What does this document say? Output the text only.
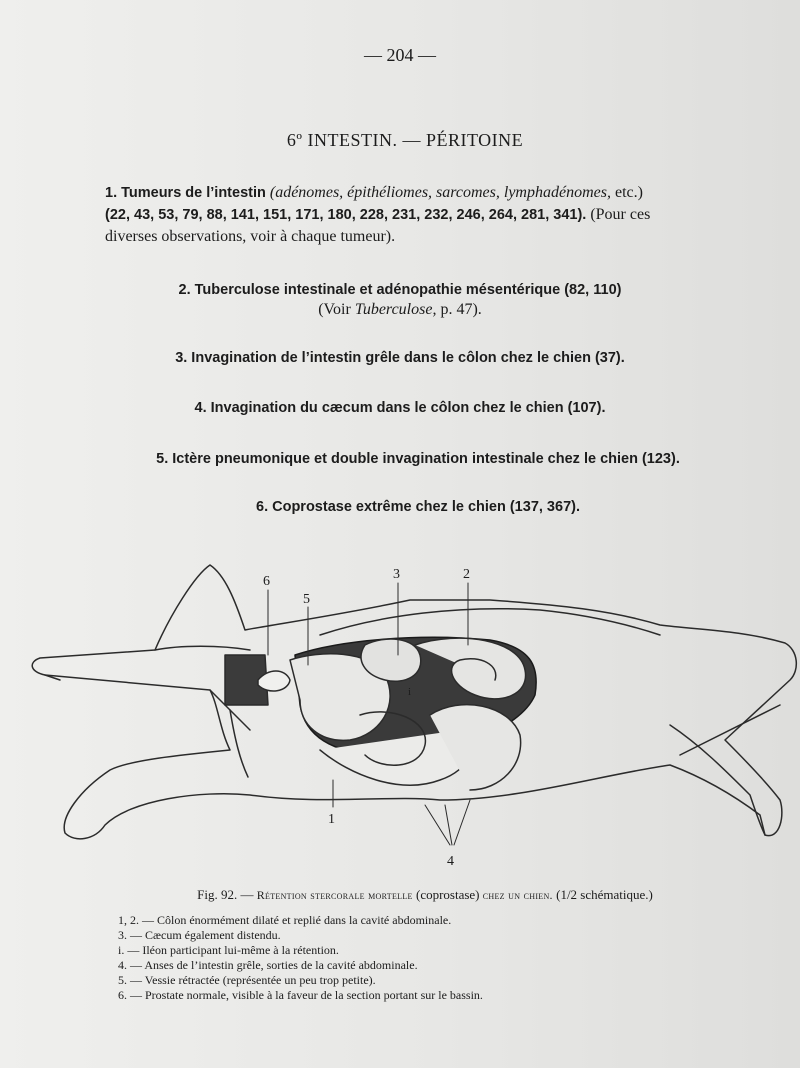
— 204 —
6º INTESTIN. — PÉRITOINE
1. Tumeurs de l’intestin (adénomes, épithéliomes, sarcomes, lymphadénomes, etc.)
(22, 43, 53, 79, 88, 141, 151, 171, 180, 228, 231, 232, 246, 264, 281, 341). (Pour ces
diverses observations, voir à chaque tumeur).
2. Tuberculose intestinale et adénopathie mésentérique (82, 110)
(Voir Tuberculose, p. 47).
3. Invagination de l’intestin grêle dans le côlon chez le chien (37).
4. Invagination du cæcum dans le côlon chez le chien (107).
5. Ictère pneumonique et double invagination intestinale chez le chien (123).
6. Coprostase extrême chez le chien (137, 367).
6
5
3	2
i
1
4
Fig. 92. — Rétention stercorale mortelle (coprostase) chez un chien. (1/2 schématique.)
1, 2. — Côlon énormément dilaté et replié dans la cavité abdominale.
3. — Cæcum également distendu.
i. — Iléon participant lui-même à la rétention.
4. — Anses de l’intestin grêle, sorties de la cavité abdominale.
5. — Vessie rétractée (représentée un peu trop petite).
6. — Prostate normale, visible à la faveur de la section portant sur le bassin.
